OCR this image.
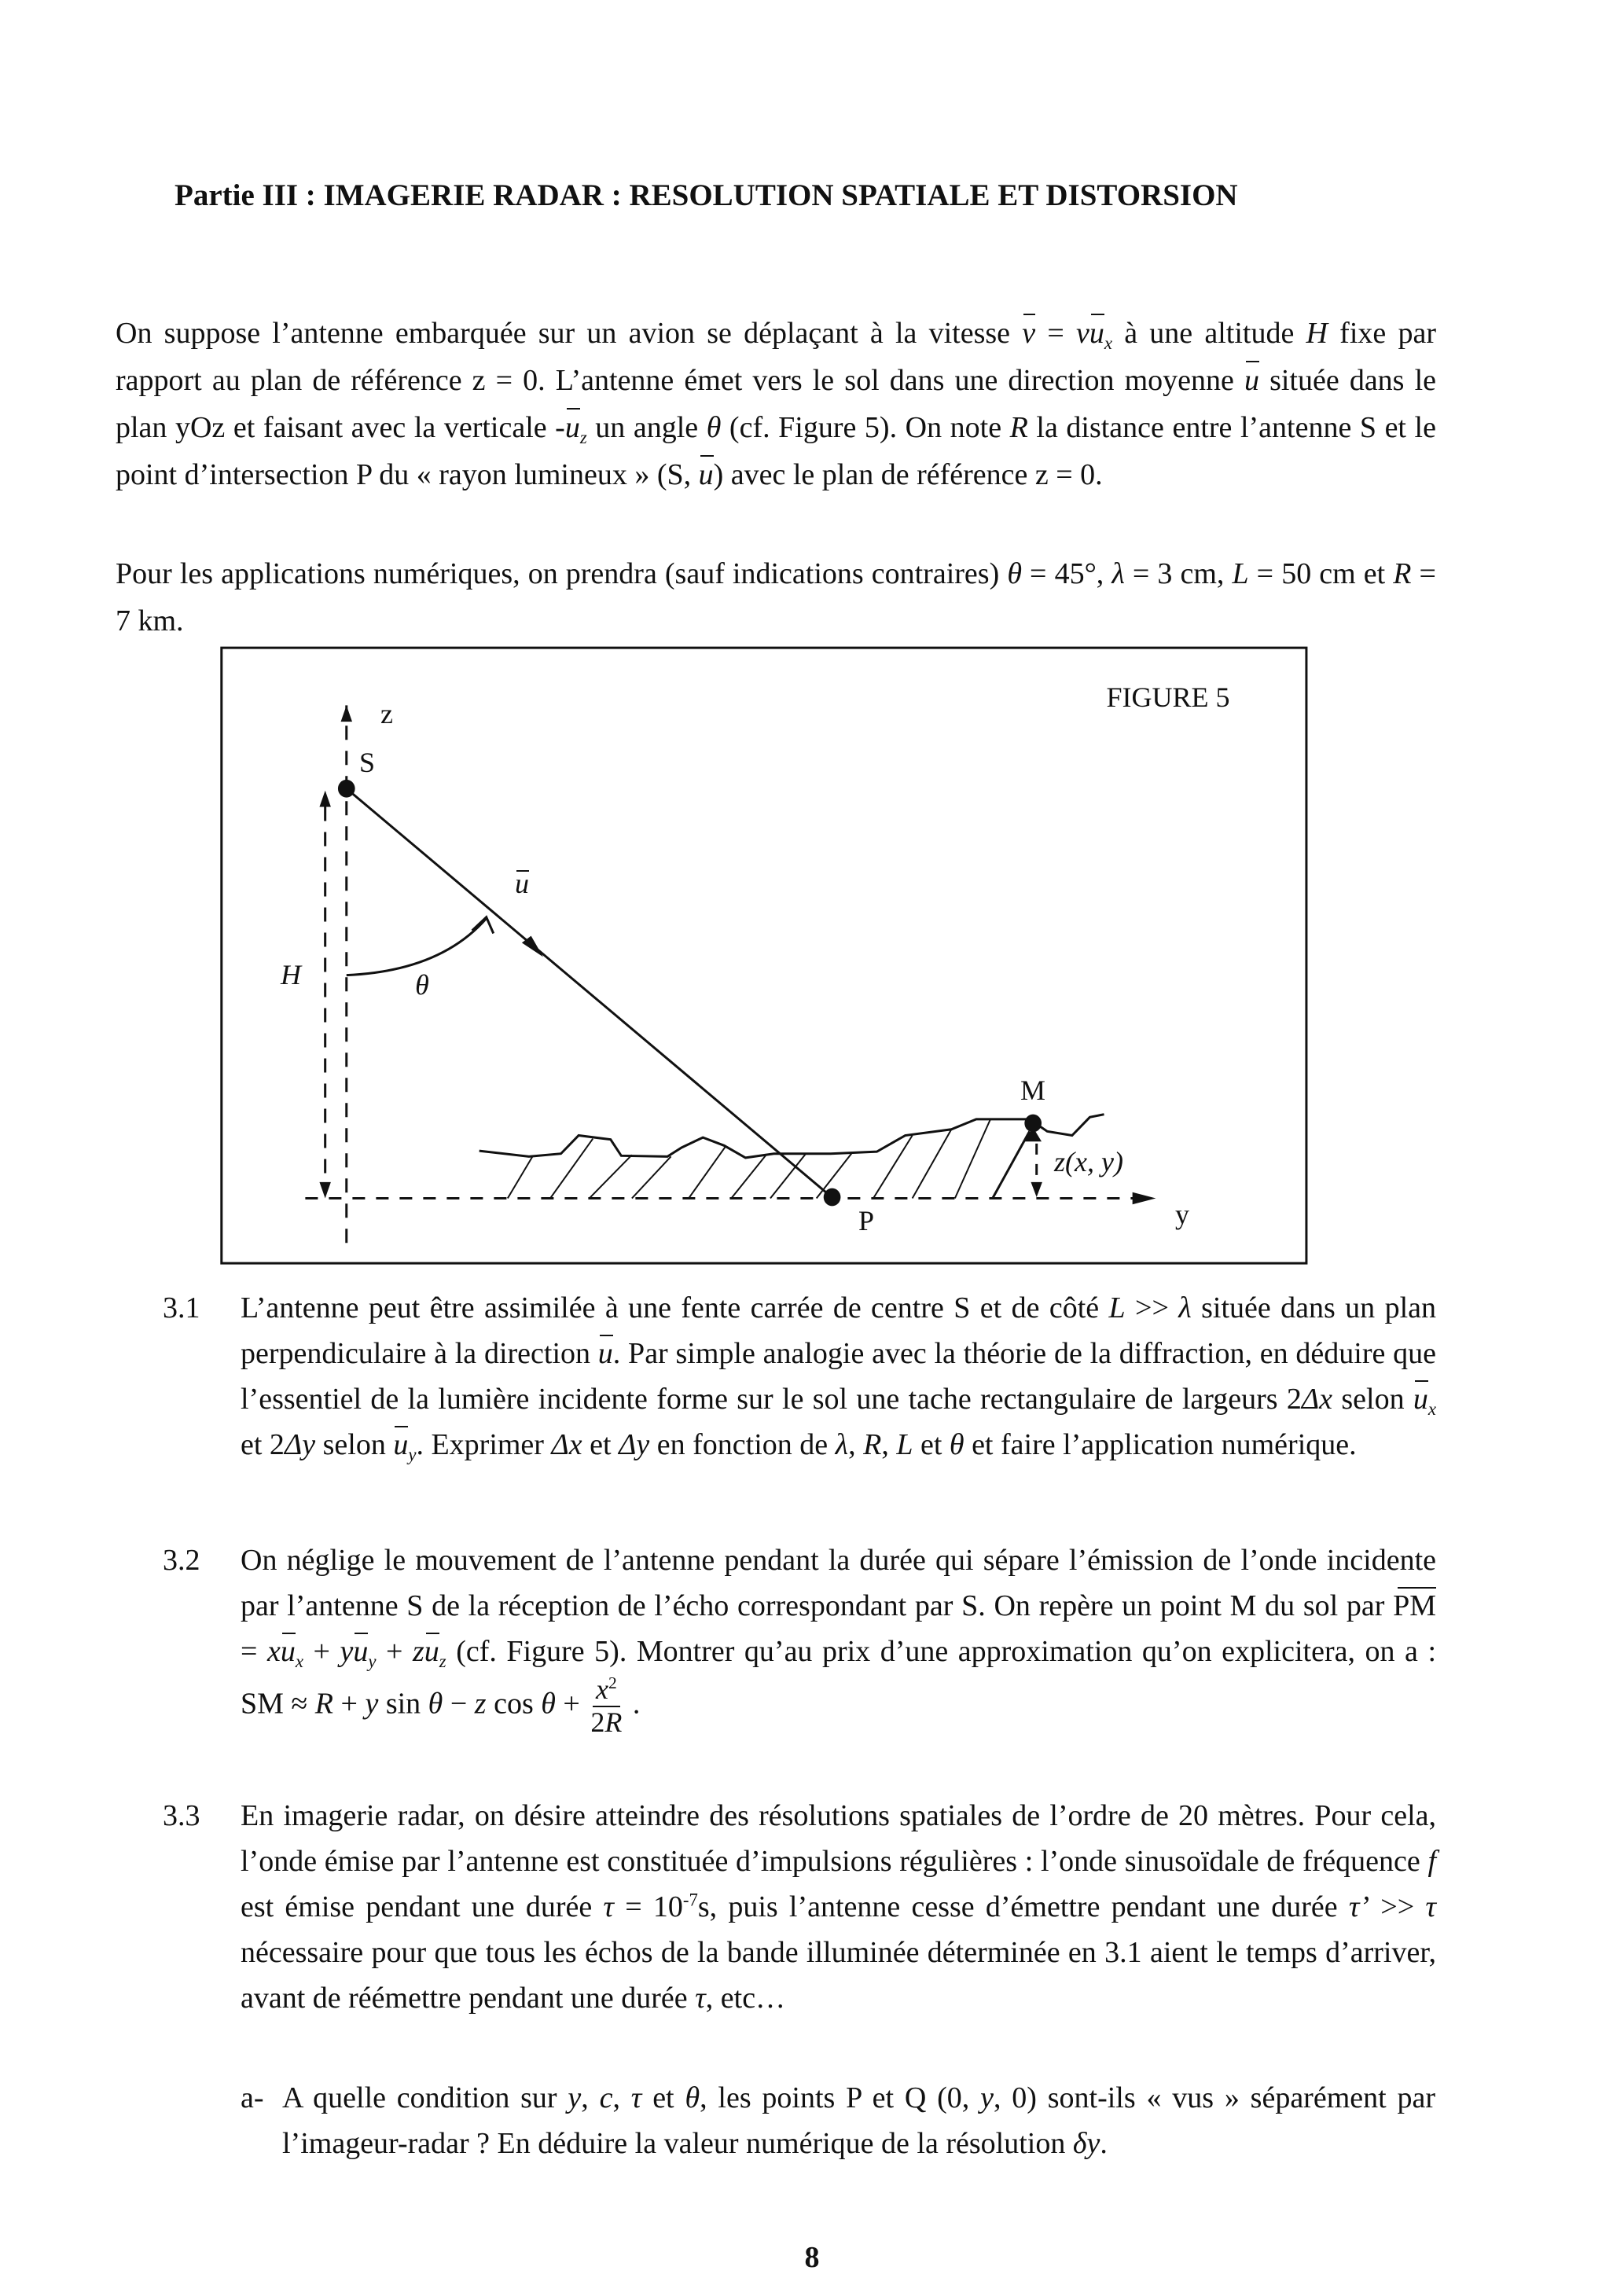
Partie III : IMAGERIE RADAR : RESOLUTION SPATIALE ET DISTORSION
On suppose l’antenne embarquée sur un avion se déplaçant à la vitesse $v = vu_x$ à une altitude H fixe par rapport au plan de référence z = 0. L’antenne émet vers le sol dans une direction moyenne u située dans le plan yOz et faisant avec la verticale $-u_z$ un angle θ (cf. Figure 5). On note R la distance entre l’antenne S et le point d’intersection P du « rayon lumineux » (S, u) avec le plan de référence z = 0.
Pour les applications numériques, on prendra (sauf indications contraires) θ = 45°, λ = 3 cm, L = 50 cm et R = 7 km.
FIGURE 5
z
S
u
H	θ
M
z(x, y)
P	y
3.1 L’antenne peut être assimilée à une fente carrée de centre S et de côté L >> λ située dans un plan perpendiculaire à la direction u. Par simple analogie avec la théorie de la diffraction, en déduire que l’essentiel de la lumière incidente forme sur le sol une tache rectangulaire de largeurs 2Δx selon $u_x$ et 2Δy selon $u_y$. Exprimer Δx et Δy en fonction de λ, R, L et θ et faire l’application numérique.
3.2 On néglige le mouvement de l’antenne pendant la durée qui sépare l’émission de l’onde incidente par l’antenne S de la réception de l’écho correspondant par S. On repère un point M du sol par PM = $xu_x + yu_y + zu_z$ (cf. Figure 5). Montrer qu’au prix d’une approximation qu’on explicitera, on a : SM ≈ R + y sin θ − z $\cos \theta + \frac{x^2}{2R}$ .
3.3 En imagerie radar, on désire atteindre des résolutions spatiales de l’ordre de 20 mètres. Pour cela, l’onde émise par l’antenne est constituée d’impulsions régulières : l’onde sinusoïdale de fréquence f est émise pendant une durée $\tau = 10^{-7}s$, puis l’antenne cesse d’émettre pendant une durée τ’ >> τ nécessaire pour que tous les échos de la bande illuminée déterminée en 3.1 aient le temps d’arriver, avant de réémettre pendant une durée τ, etc…
a- A quelle condition sur y, c, τ et θ, les points P et Q (0, y, 0) sont-ils « vus » séparément par l’imageur-radar ? En déduire la valeur numérique de la résolution δy.
8
